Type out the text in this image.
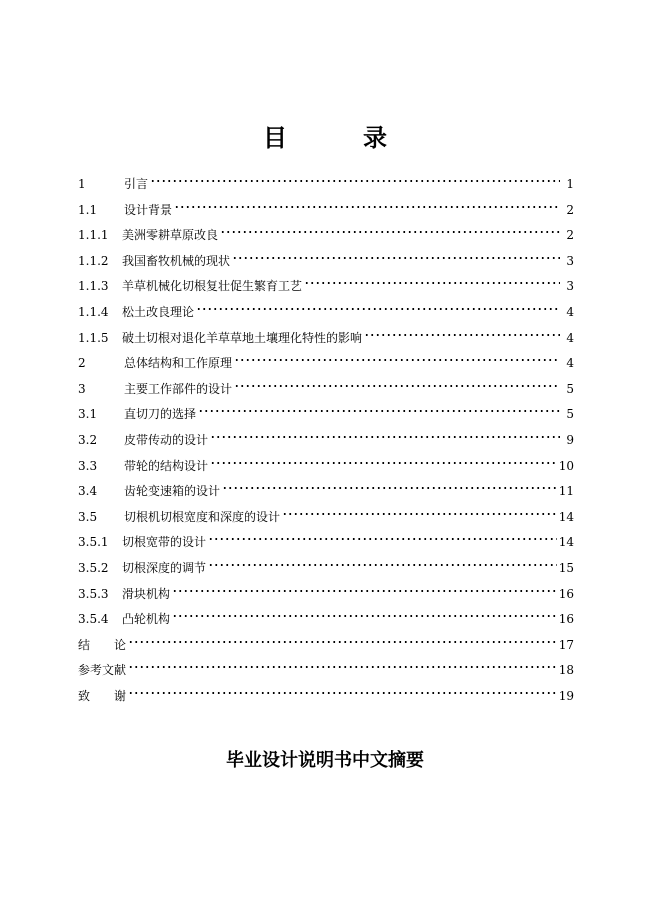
目　录
1	引言	1
1.1	设计背景	2
1.1.1	美洲零耕草原改良	2
1.1.2	我国畜牧机械的现状	3
1.1.3	羊草机械化切根复壮促生繁育工艺	3
1.1.4	松土改良理论	4
1.1.5	破土切根对退化羊草草地土壤理化特性的影响	4
2	总体结构和工作原理	4
3	主要工作部件的设计	5
3.1	直切刀的选择	5
3.2	皮带传动的设计	9
3.3	带轮的结构设计	10
3.4	齿轮变速箱的设计	11
3.5	切根机切根宽度和深度的设计	14
3.5.1	切根宽带的设计	14
3.5.2	切根深度的调节	15
3.5.3	滑块机构	16
3.5.4	凸轮机构	16
结　　论	17
参考文献	18
致　　谢	19
毕业设计说明书中文摘要
